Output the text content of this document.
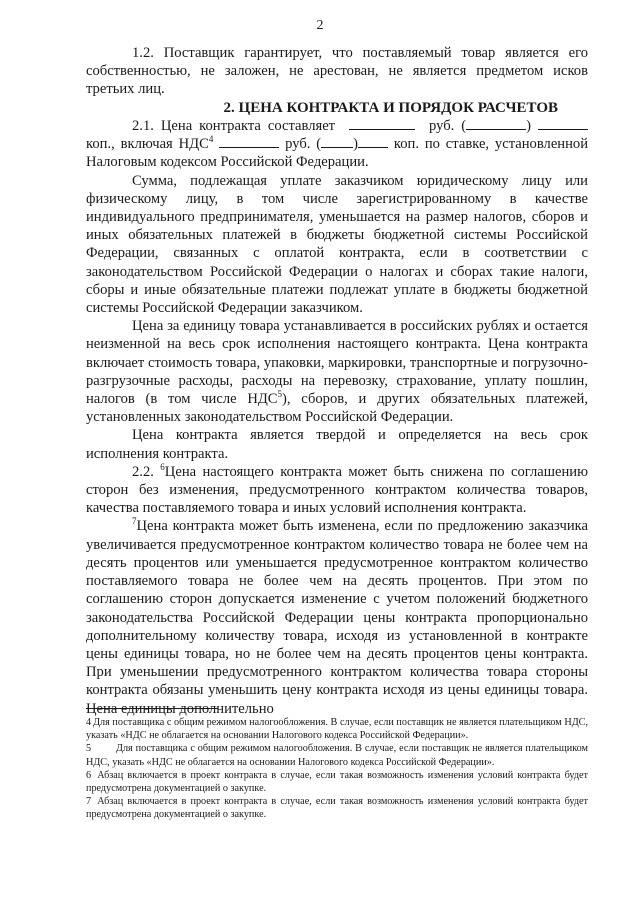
2

1.2. Поставщик гарантирует, что поставляемый товар является его собственностью, не заложен, не арестован, не является предметом исков третьих лиц.

2. ЦЕНА КОНТРАКТА И ПОРЯДОК РАСЧЕТОВ

2.1. Цена контракта составляет	руб. (	)  коп., включая НДС$^4$	руб. ( ) коп. по ставке, установленной Налоговым кодексом Российской Федерации.

Сумма, подлежащая уплате заказчиком юридическому лицу или физическому лицу, в том числе зарегистрированному в качестве индивидуального предпринимателя, уменьшается на размер налогов, сборов и иных обязательных платежей в бюджеты бюджетной системы Российской Федерации, связанных с оплатой контракта, если в соответствии с законодательством Российской Федерации о налогах и сборах такие налоги, сборы и иные обязательные платежи подлежат уплате в бюджеты бюджетной системы Российской Федерации заказчиком.

Цена за единицу товара устанавливается в российских рублях и остается неизменной на весь срок исполнения настоящего контракта. Цена контракта включает стоимость товара, упаковки, маркировки, транспортные и погрузочно-разгрузочные расходы, расходы на перевозку, страхование, уплату пошлин, налогов (в том числе НДС$^5$), сборов, и других обязательных платежей, установленных законодательством Российской Федерации.

Цена контракта является твердой и определяется на весь срок исполнения контракта.

2.2. $^6$Цена настоящего контракта может быть снижена по соглашению сторон без изменения, предусмотренного контрактом количества товаров, качества поставляемого товара и иных условий исполнения контракта.

$^7$Цена контракта может быть изменена, если по предложению заказчика увеличивается предусмотренное контрактом количество товара не более чем на десять процентов или уменьшается предусмотренное контрактом количество поставляемого товара не более чем на десять процентов. При этом по соглашению сторон допускается изменение с учетом положений бюджетного законодательства Российской Федерации цены контракта пропорционально дополнительному количеству товара, исходя из установленной в контракте цены единицы товара, но не более чем на десять процентов цены контракта. При уменьшении предусмотренного контрактом количества товара стороны контракта обязаны уменьшить цену контракта исходя из цены единицы товара. Цена единицы дополнительно

4 Для поставщика с общим режимом налогообложения. В случае, если поставщик не является плательщиком НДС, указать «НДС не облагается на основании Налогового кодекса Российской Федерации».

5 Для поставщика с общим режимом налогообложения. В случае, если поставщик не является плательщиком НДС, указать «НДС не облагается на основании Налогового кодекса Российской Федерации».

6 Абзац включается в проект контракта в случае, если такая возможность изменения условий контракта будет предусмотрена документацией о закупке.

7 Абзац включается в проект контракта в случае, если такая возможность изменения условий контракта будет предусмотрена документацией о закупке.
